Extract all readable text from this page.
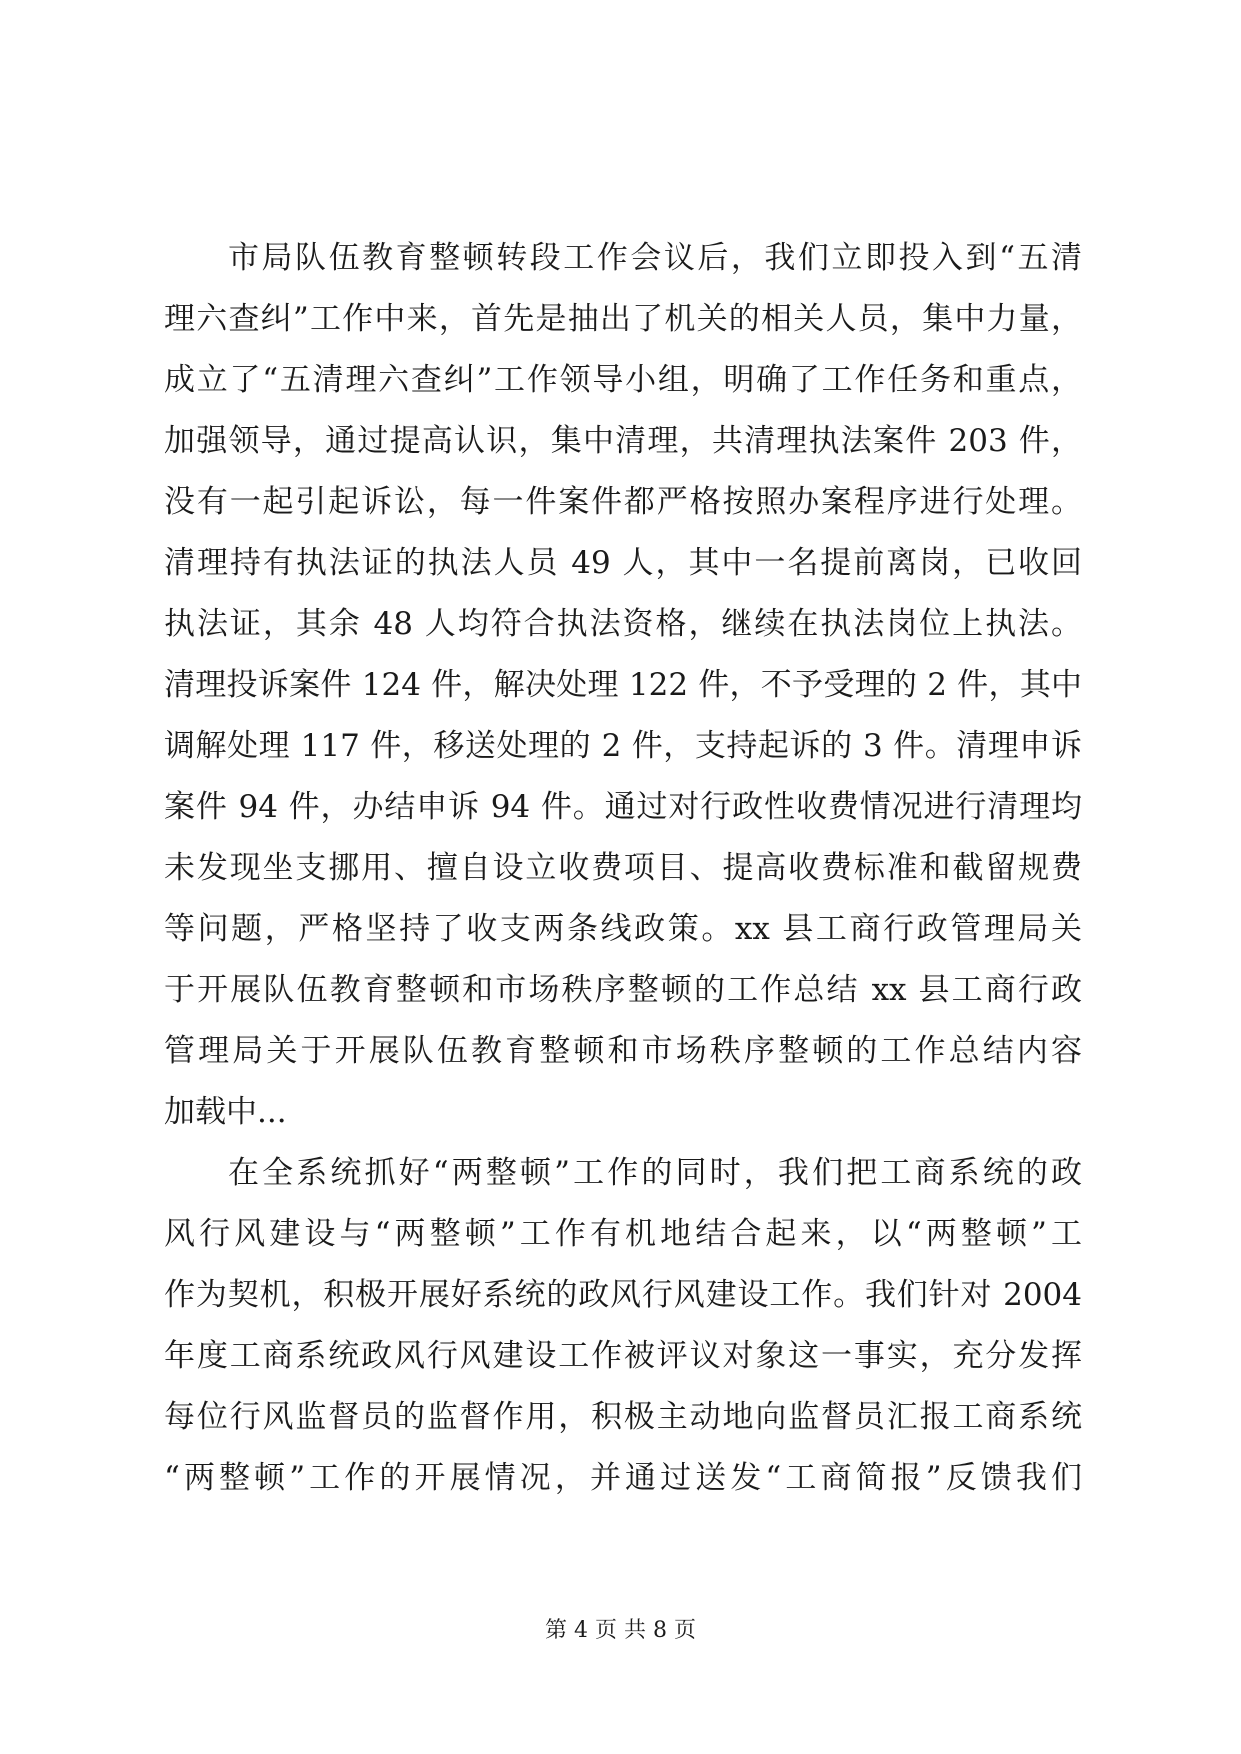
市局队伍教育整顿转段工作会议后，我们立即投入到“五清
理六查纠”工作中来，首先是抽出了机关的相关人员，集中力量，
成立了“五清理六查纠”工作领导小组，明确了工作任务和重点，
加强领导，通过提高认识，集中清理，共清理执法案件 203 件，
没有一起引起诉讼，每一件案件都严格按照办案程序进行处理。
清理持有执法证的执法人员 49 人，其中一名提前离岗，已收回
执法证，其余 48 人均符合执法资格，继续在执法岗位上执法。
清理投诉案件 124 件，解决处理 122 件，不予受理的 2 件，其中
调解处理 117 件，移送处理的 2 件，支持起诉的 3 件。清理申诉
案件 94 件，办结申诉 94 件。通过对行政性收费情况进行清理均
未发现坐支挪用、擅自设立收费项目、提高收费标准和截留规费
等问题，严格坚持了收支两条线政策。xx 县工商行政管理局关
于开展队伍教育整顿和市场秩序整顿的工作总结 xx 县工商行政
管理局关于开展队伍教育整顿和市场秩序整顿的工作总结内容
加载中...
在全系统抓好“两整顿”工作的同时，我们把工商系统的政
风行风建设与“两整顿”工作有机地结合起来，以“两整顿”工
作为契机，积极开展好系统的政风行风建设工作。我们针对 2004
年度工商系统政风行风建设工作被评议对象这一事实，充分发挥
每位行风监督员的监督作用，积极主动地向监督员汇报工商系统
“两整顿”工作的开展情况，并通过送发“工商简报”反馈我们
第 4 页 共 8 页
